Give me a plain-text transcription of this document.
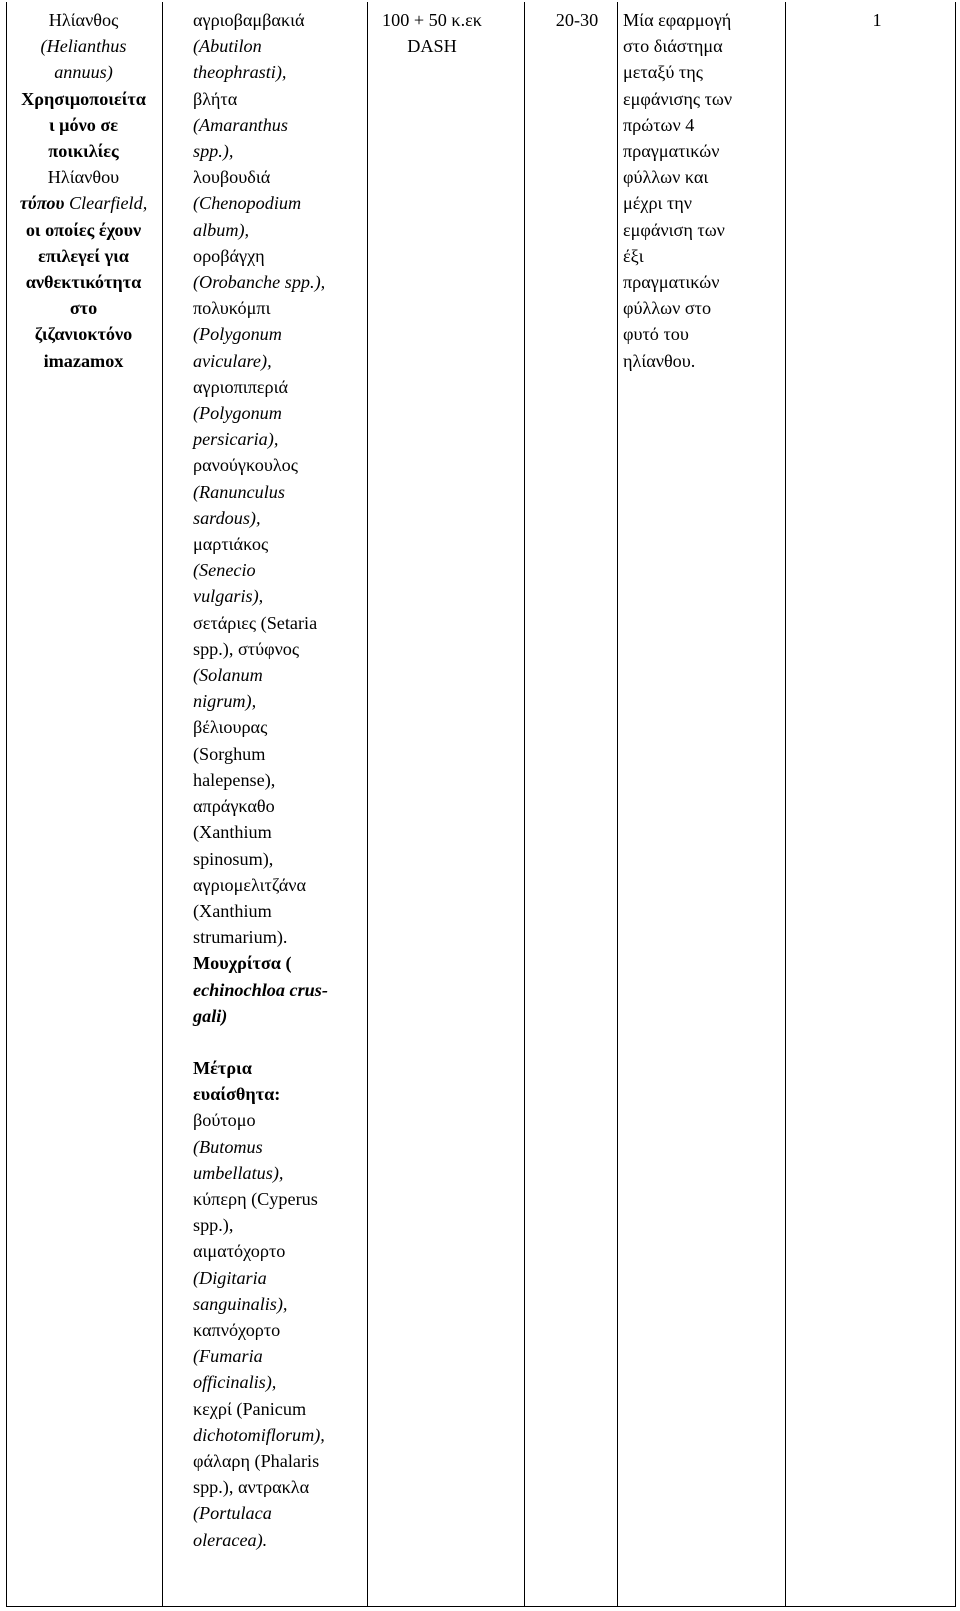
Ηλίανθος
(Helianthus
annuus)
Χρησιμοποιείτα
ι μόνο σε
ποικιλίες
Ηλίανθου
τύπου Clearfield,
οι οποίες έχουν
επιλεγεί για
ανθεκτικότητα
στο
ζιζανιοκτόνο
imazamox
αγριοβαμβακιά
(Abutilon
theophrasti),
βλήτα
(Amaranthus
spp.),
λουβουδιά
(Chenopodium
album),
οροβάγχη
(Orobanche spp.),
πολυκόμπι
(Polygonum
aviculare),
αγριοπιπεριά
(Polygonum
persicaria),
ρανούγκουλος
(Ranunculus
sardous),
μαρτιάκος
(Senecio
vulgaris),
σετάριες (Setaria
spp.), στύφνος
(Solanum
nigrum),
βέλιουρας
(Sorghum
halepense),
απράγκαθο
(Xanthium
spinosum),
αγριομελιτζάνα
(Xanthium
strumarium).
Μουχρίτσα (
echinochloa crus-
gali)
Μέτρια
ευαίσθητα:
βούτομο
(Butomus
umbellatus),
κύπερη (Cyperus
spp.),
αιματόχορτο
(Digitaria
sanguinalis),
καπνόχορτο
(Fumaria
officinalis),
κεχρί (Panicum
dichotomiflorum),
φάλαρη (Phalaris
spp.), αντρακλα
(Portulaca
oleracea).
100 + 50 κ.εκ
DASH
20-30	Μία εφαρμογή
στο διάστημα
μεταξύ της
εμφάνισης των
πρώτων 4
πραγματικών
φύλλων και
μέχρι την
εμφάνιση των
έξι
πραγματικών
φύλλων στο
φυτό του
ηλίανθου.
1
